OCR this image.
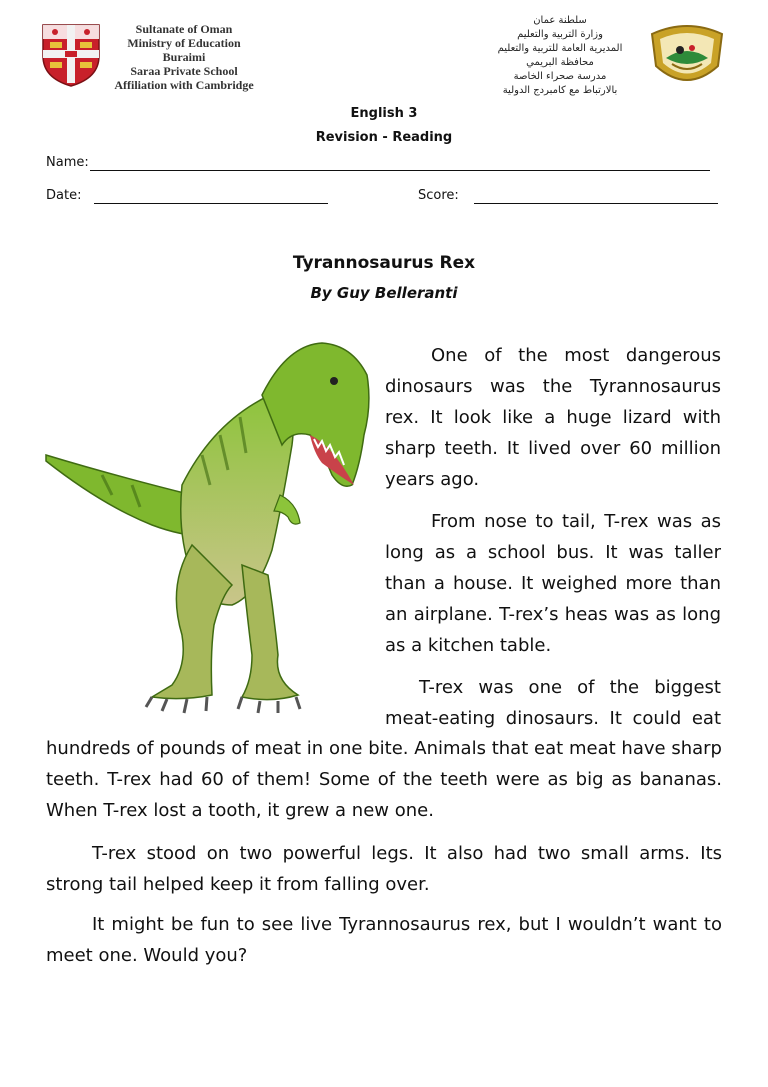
Sultanate of Oman
Ministry of Education
Buraimi
Saraa Private School
Affiliation with Cambridge
سلطنة عمان
وزارة التربية والتعليم
المديرية العامة للتربية والتعليم
محافظة البريمي
مدرسة صحراء الخاصة
بالارتباط مع كامبردج الدولية
English 3
Revision - Reading
Name:
Date:	Score:
Tyrannosaurus Rex
By Guy Belleranti
One of the most dangerous dinosaurs was the Tyrannosaurus rex. It look like a huge lizard with sharp teeth. It lived over 60 million years ago.
From nose to tail, T-rex was as long as a school bus. It was taller than a house. It weighed more than an airplane. T-rex’s heas was as long as a kitchen table.
T-rex was one of the biggest meat-eating dinosaurs. It could eat
hundreds of pounds of meat in one bite. Animals that eat meat have sharp teeth. T-rex had 60 of them! Some of the teeth were as big as bananas. When T-rex lost a tooth, it grew a new one.
T-rex stood on two powerful legs. It also had two small arms. Its strong tail helped keep it from falling over.
It might be fun to see live Tyrannosaurus rex, but I wouldn’t want to meet one. Would you?
